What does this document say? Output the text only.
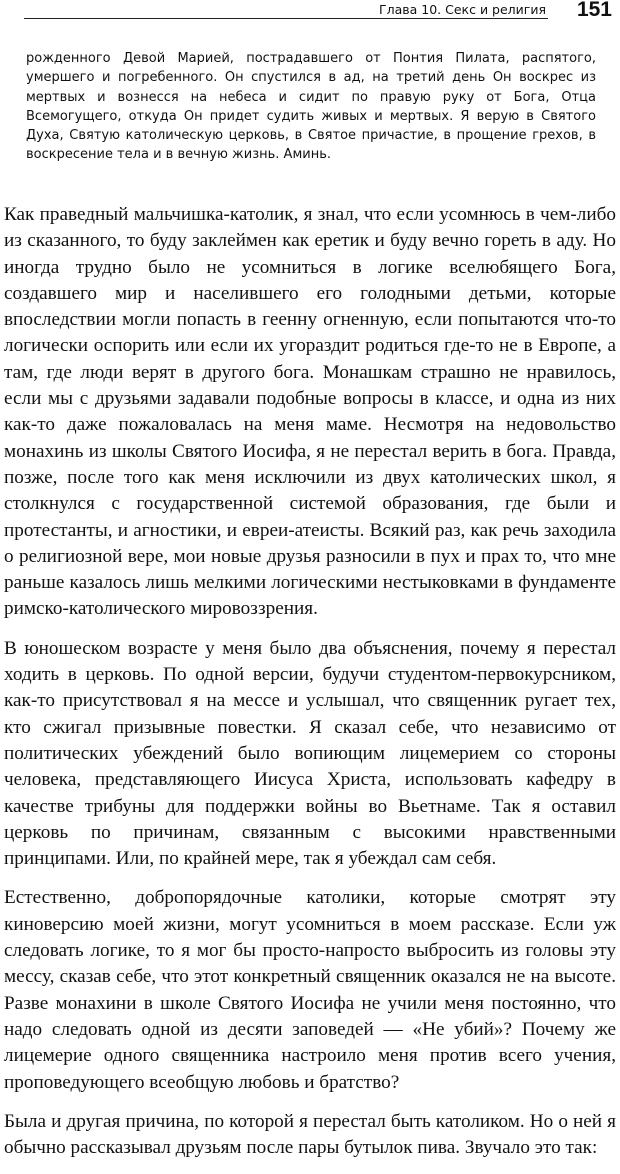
Глава 10. Секс и религия 151

рожденного Девой Марией, пострадавшего от Понтия Пилата, распятого, умершего и погребенного. Он спустился в ад, на третий день Он воскрес из мертвых и вознесся на небеса и сидит по правую руку от Бога, Отца Всемогущего, откуда Он придет судить живых и мертвых. Я верую в Святого Духа, Святую католическую церковь, в Святое причастие, в прощение грехов, в воскресение тела и в вечную жизнь. Аминь.

Как праведный мальчишка-католик, я знал, что если усомнюсь в чем-либо из сказанного, то буду заклеймен как еретик и буду вечно гореть в аду. Но иногда трудно было не усомниться в логике вселюбящего Бога, создавшего мир и населившего его голодными детьми, которые впоследствии могли попасть в геенну огненную, если попытаются что-то логически оспорить или если их угораздит родиться где-то не в Европе, а там, где люди верят в другого бога. Монашкам страшно не нравилось, если мы с друзьями задавали подобные вопросы в классе, и одна из них как-то даже пожаловалась на меня маме. Несмотря на недовольство монахинь из школы Святого Иосифа, я не перестал верить в бога. Правда, позже, после того как меня исключили из двух католических школ, я столкнулся с государственной системой образования, где были и протестанты, и агностики, и евреи-атеисты. Всякий раз, как речь заходила о религиозной вере, мои новые друзья разносили в пух и прах то, что мне раньше казалось лишь мелкими логическими нестыковками в фундаменте римско-католического мировоззрения.

В юношеском возрасте у меня было два объяснения, почему я перестал ходить в церковь. По одной версии, будучи студентом-первокурсником, как-то присутствовал я на мессе и услышал, что священник ругает тех, кто сжигал призывные повестки. Я сказал себе, что независимо от политических убеждений было вопиющим лицемерием со стороны человека, представляющего Иисуса Христа, использовать кафедру в качестве трибуны для поддержки войны во Вьетнаме. Так я оставил церковь по причинам, связанным с высокими нравственными принципами. Или, по крайней мере, так я убеждал сам себя.

Естественно, добропорядочные католики, которые смотрят эту киноверсию моей жизни, могут усомниться в моем рассказе. Если уж следовать логике, то я мог бы просто-напросто выбросить из головы эту мессу, сказав себе, что этот конкретный священник оказался не на высоте. Разве монахини в школе Святого Иосифа не учили меня постоянно, что надо следовать одной из десяти заповедей — «Не убий»? Почему же лицемерие одного священника настроило меня против всего учения, проповедующего всеобщую любовь и братство?

Была и другая причина, по которой я перестал быть католиком. Но о ней я обычно рассказывал друзьям после пары бутылок пива. Звучало это так:
